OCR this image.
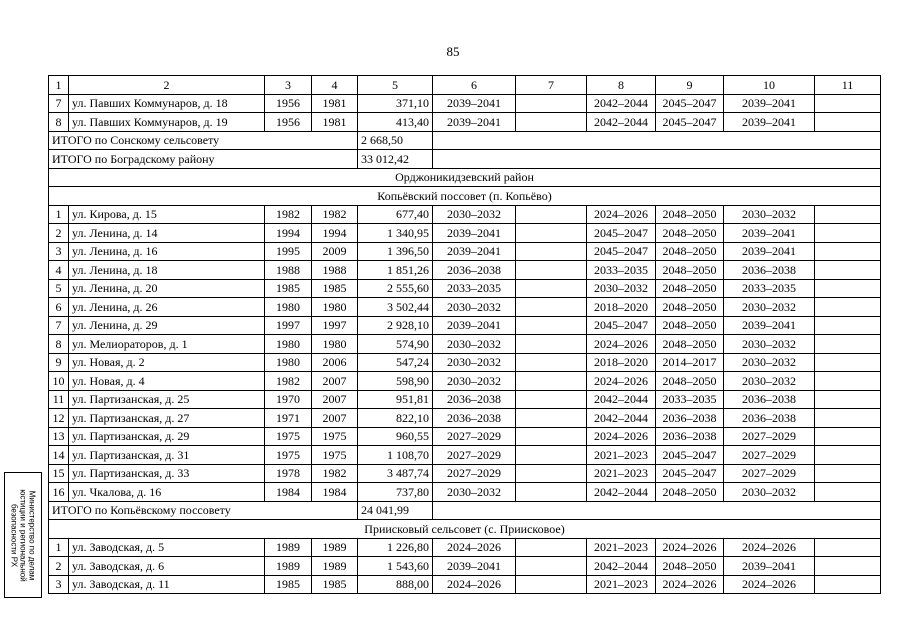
85
1	2	3	4	5	6	7	8	9	10	11
7	ул. Павших Коммунаров, д. 18	1956	1981	371,10	2039–2041		2042–2044	2045–2047	2039–2041	
8	ул. Павших Коммунаров, д. 19	1956	1981	413,40	2039–2041		2042–2044	2045–2047	2039–2041	
ИТОГО по Сонскому сельсовету				2 668,50						
ИТОГО по Боградскому району				33 012,42						
Орджоникидзевский район										
Копьёвский поссовет (п. Копьёво)										
1	ул. Кирова, д. 15	1982	1982	677,40	2030–2032		2024–2026	2048–2050	2030–2032	
2	ул. Ленина, д. 14	1994	1994	1 340,95	2039–2041		2045–2047	2048–2050	2039–2041	
3	ул. Ленина, д. 16	1995	2009	1 396,50	2039–2041		2045–2047	2048–2050	2039–2041	
4	ул. Ленина, д. 18	1988	1988	1 851,26	2036–2038		2033–2035	2048–2050	2036–2038	
5	ул. Ленина, д. 20	1985	1985	2 555,60	2033–2035		2030–2032	2048–2050	2033–2035	
6	ул. Ленина, д. 26	1980	1980	3 502,44	2030–2032		2018–2020	2048–2050	2030–2032	
7	ул. Ленина, д. 29	1997	1997	2 928,10	2039–2041		2045–2047	2048–2050	2039–2041	
8	ул. Мелиораторов, д. 1	1980	1980	574,90	2030–2032		2024–2026	2048–2050	2030–2032	
9	ул. Новая, д. 2	1980	2006	547,24	2030–2032		2018–2020	2014–2017	2030–2032	
10	ул. Новая, д. 4	1982	2007	598,90	2030–2032		2024–2026	2048–2050	2030–2032	
11	ул. Партизанская, д. 25	1970	2007	951,81	2036–2038		2042–2044	2033–2035	2036–2038	
12	ул. Партизанская, д. 27	1971	2007	822,10	2036–2038		2042–2044	2036–2038	2036–2038	
13	ул. Партизанская, д. 29	1975	1975	960,55	2027–2029		2024–2026	2036–2038	2027–2029	
14	ул. Партизанская, д. 31	1975	1975	1 108,70	2027–2029		2021–2023	2045–2047	2027–2029	
15	ул. Партизанская, д. 33	1978	1982	3 487,74	2027–2029		2021–2023	2045–2047	2027–2029	
16	ул. Чкалова, д. 16	1984	1984	737,80	2030–2032		2042–2044	2048–2050	2030–2032	
ИТОГО по Копьёвскому поссовету				24 041,99						
Приисковый сельсовет (с. Приисковое)										
1	ул. Заводская, д. 5	1989	1989	1 226,80	2024–2026		2021–2023	2024–2026	2024–2026	
2	ул. Заводская, д. 6	1989	1989	1 543,60	2039–2041		2042–2044	2048–2050	2039–2041	
3	ул. Заводская, д. 11	1985	1985	888,00	2024–2026		2021–2023	2024–2026	2024–2026	
Министерство по делам
юстиции и региональной
безопасности РХ
